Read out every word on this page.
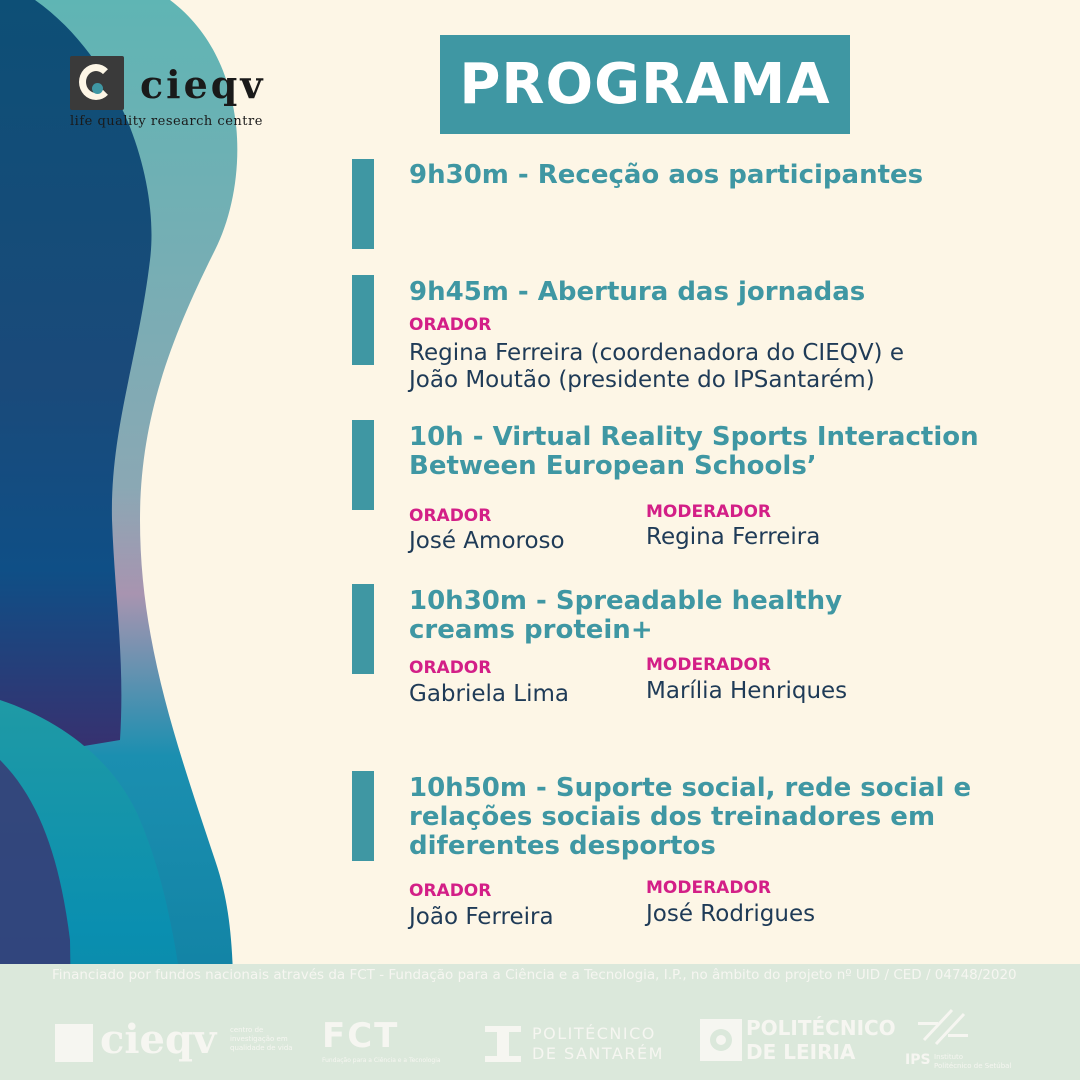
cieqv
life quality research centre
PROGRAMA
9h30m - Receção aos participantes
9h45m - Abertura das jornadas
ORADOR
Regina Ferreira (coordenadora do CIEQV) e
João Moutão (presidente do IPSantarém)
10h - Virtual Reality Sports Interaction
Between European Schools’
ORADOR
José Amoroso
MODERADOR
Regina Ferreira
10h30m - Spreadable healthy
creams protein+
ORADOR
Gabriela Lima
MODERADOR
Marília Henriques
10h50m - Suporte social, rede social e
relações sociais dos treinadores em
diferentes desportos
ORADOR
João Ferreira
MODERADOR
José Rodrigues
Financiado por fundos nacionais através da FCT - Fundação para a Ciência e a Tecnologia, I.P., no âmbito do projeto nº UID / CED / 04748/2020
cieqv centro de
investigação em
qualidade de vida FCT
Fundação para a Ciência e a Tecnologia
POLITÉCNICO
DE SANTARÉM
POLITÉCNICO
DE LEIRIA	IPS Instituto
Politécnico de Setúbal
